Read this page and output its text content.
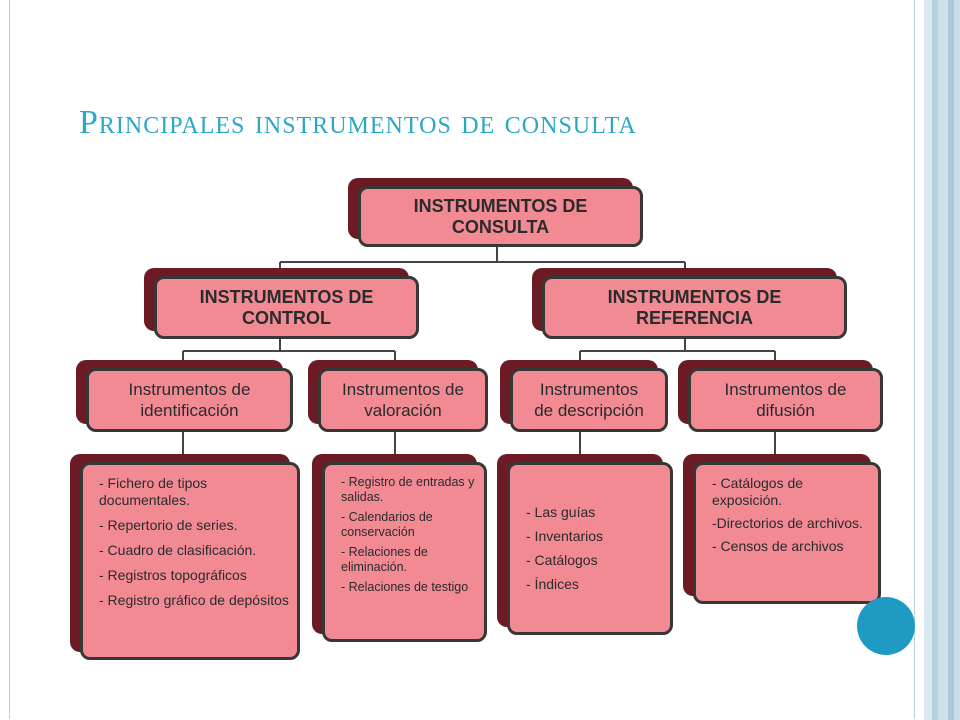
Principales instrumentos de consulta
INSTRUMENTOS DE
CONSULTA
INSTRUMENTOS DE
CONTROL
INSTRUMENTOS DE
REFERENCIA
Instrumentos de
identificación
Instrumentos de
valoración
Instrumentos
de descripción
Instrumentos de
difusión
- Fichero de tipos documentales.
- Repertorio de series.
- Cuadro de clasificación.
- Registros topográficos
- Registro gráfico de depósitos
- Registro de entradas y salidas.
- Calendarios de conservación
- Relaciones de eliminación.
- Relaciones de testigo
- Las guías
- Inventarios
- Catálogos
- Índices
- Catálogos de exposición.
-Directorios de archivos.
- Censos de archivos
